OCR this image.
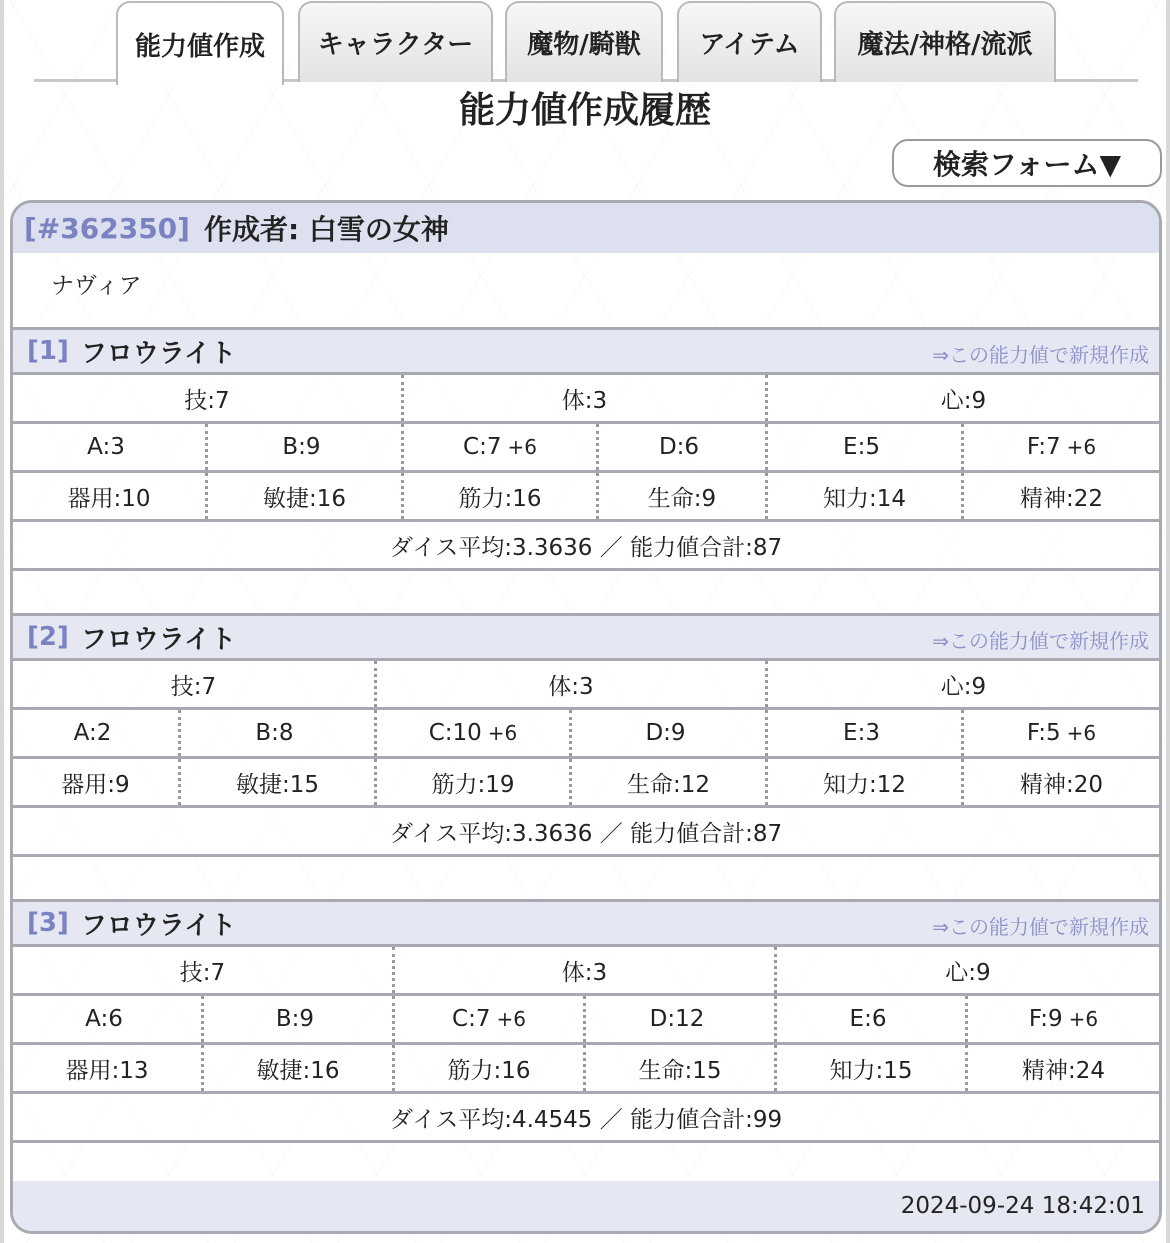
能力値作成	キャラクター	魔物/騎獣	アイテム	魔法/神格/流派
能力値作成履歴
検索フォーム▼
[#362350] 作成者: 白雪の女神
ナヴィア
[1] フロウライト	⇒この能力値で新規作成
技:7	体:3	心:9
A:3	B:9	C:7 +6	D:6	E:5	F:7 +6
器用:10	敏捷:16	筋力:16	生命:9	知力:14	精神:22
ダイス平均:3.3636 ／ 能力値合計:87
[2] フロウライト	⇒この能力値で新規作成
技:7	体:3	心:9
A:2	B:8	C:10 +6	D:9	E:3	F:5 +6
器用:9	敏捷:15	筋力:19	生命:12	知力:12	精神:20
ダイス平均:3.3636 ／ 能力値合計:87
[3] フロウライト	⇒この能力値で新規作成
技:7	体:3	心:9
A:6	B:9	C:7 +6	D:12	E:6	F:9 +6
器用:13	敏捷:16	筋力:16	生命:15	知力:15	精神:24
ダイス平均:4.4545 ／ 能力値合計:99
2024-09-24 18:42:01
